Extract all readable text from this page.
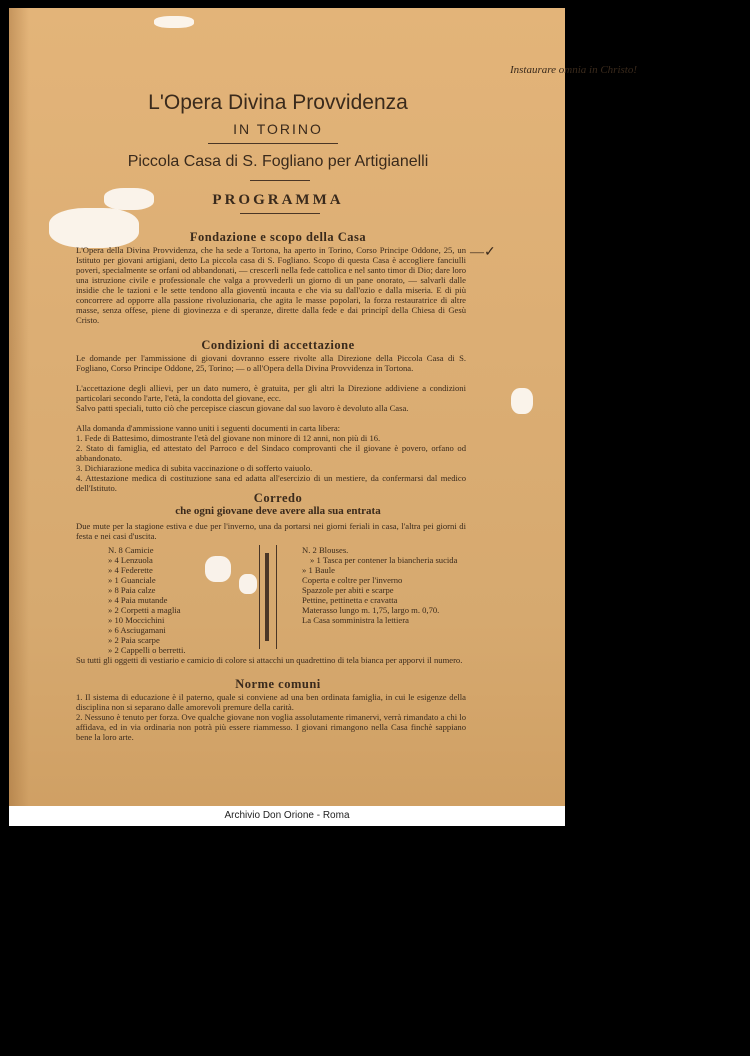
Instaurare omnia in Christo!
L'Opera Divina Provvidenza
IN TORINO
Piccola Casa di S. Fogliano per Artigianelli
PROGRAMMA
—✓
Fondazione e scopo della Casa

L'Opera della Divina Provvidenza, che ha sede a Tortona, ha aperto in Torino, Corso Principe Oddone, 25, un Istituto per giovani artigiani, detto La piccola casa di S. Fogliano. Scopo di questa Casa è accogliere fanciulli poveri, specialmente se orfani od abbandonati, — crescerli nella fede cattolica e nel santo timor di Dio; dare loro una istruzione civile e professionale che valga a provvederli un giorno di un pane onorato, — salvarli dalle insidie che le tazioni e le sette tendono alla gioventù incauta e che via su dall'ozio e dalla miseria. E di più concorrere ad opporre alla passione rivoluzionaria, che agita le masse popolari, la forza restauratrice di altre masse, senza offese, piene di giovinezza e di speranze, dirette dalla fede e dai principî della Chiesa di Gesù Cristo.

Condizioni di accettazione

Le domande per l'ammissione di giovani dovranno essere rivolte alla Direzione della Piccola Casa di S. Fogliano, Corso Principe Oddone, 25, Torino; — o all'Opera della Divina Provvidenza in Tortona.

L'accettazione degli allievi, per un dato numero, è gratuita, per gli altri la Direzione addiviene a condizioni particolari secondo l'arte, l'età, la condotta del giovane, ecc.

Salvo patti speciali, tutto ciò che percepisce ciascun giovane dal suo lavoro è devoluto alla Casa.

Alla domanda d'ammissione vanno uniti i seguenti documenti in carta libera:

1. Fede di Battesimo, dimostrante l'età del giovane non minore di 12 anni, non più di 16.

2. Stato di famiglia, ed attestato del Parroco e del Sindaco comprovanti che il giovane è povero, orfano od abbandonato.

3. Dichiarazione medica di subita vaccinazione o di sofferto vaiuolo.

4. Attestazione medica di costituzione sana ed adatta all'esercizio di un mestiere, da confermarsi dal medico dell'Istituto.

Corredo
che ogni giovane deve avere alla sua entrata

Due mute per la stagione estiva e due per l'inverno, una da portarsi nei giorni feriali in casa, l'altra pei giorni di festa e nei casi d'uscita.

N. 8 Camicie
» 4 Lenzuola
» 4 Federette
» 1 Guanciale
» 8 Paia calze
» 4 Paia mutande
» 2 Corpetti a maglia
» 10 Moccichini
» 6 Asciugamani
» 2 Paia scarpe
» 2 Cappelli o berretti.
N. 2 Blouses.
» 1 Tasca per contener la biancheria sucida
» 1 Baule
Coperta e coltre per l'inverno
Spazzole per abiti e scarpe
Pettine, pettinetta e cravatta
Materasso lungo m. 1,75, largo m. 0,70.
La Casa somministra la lettiera

Su tutti gli oggetti di vestiario e camicio di colore si attacchi un quadrettino di tela bianca per apporvi il numero.

Norme comuni

1. Il sistema di educazione è il paterno, quale si conviene ad una ben ordinata famiglia, in cui le esigenze della disciplina non si separano dalle amorevoli premure della carità.

2. Nessuno è tenuto per forza. Ove qualche giovane non voglia assolutamente rimanervi, verrà rimandato a chi lo affidava, ed in via ordinaria non potrà più essere riammesso. I giovani rimangono nella Casa finchè sappiano bene la loro arte.

Archivio Don Orione - Roma
